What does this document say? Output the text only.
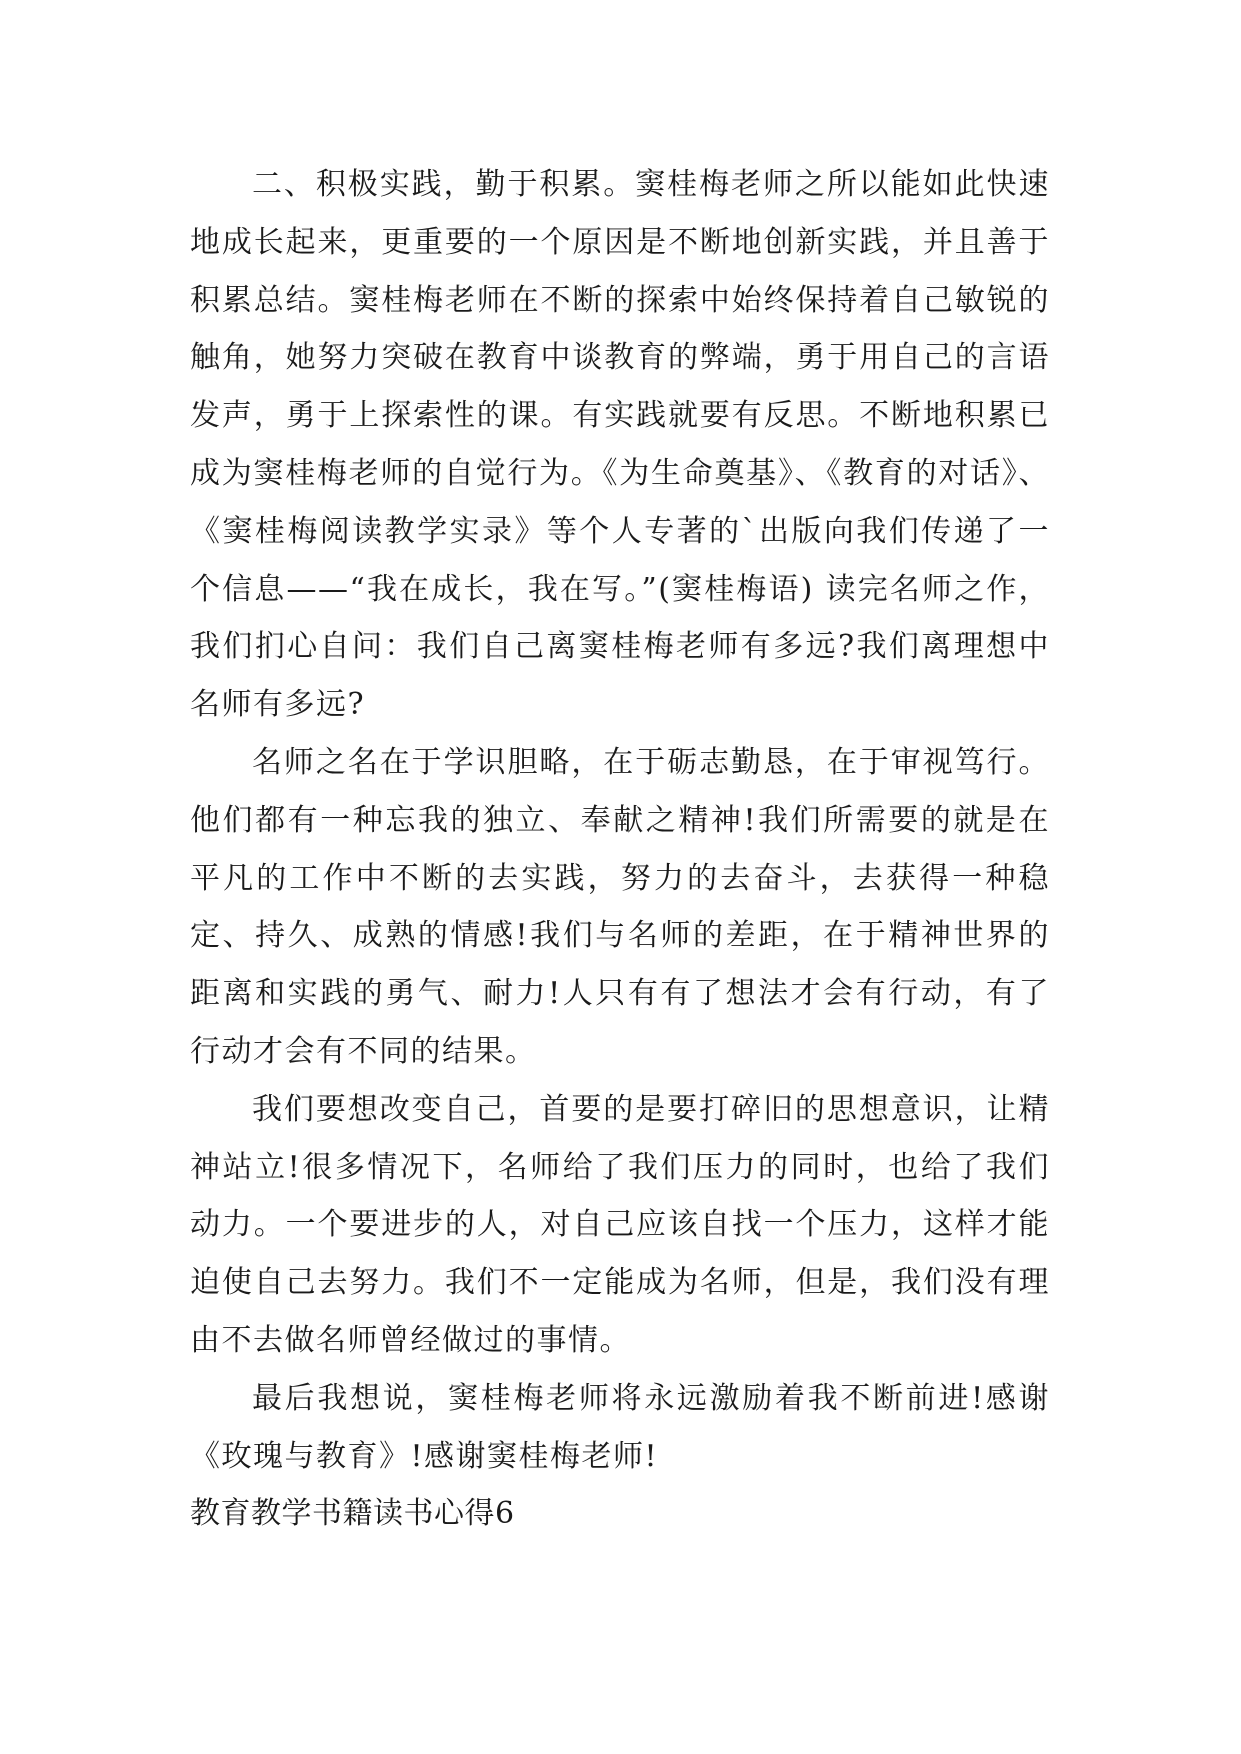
二、积极实践，勤于积累。窦桂梅老师之所以能如此快速地成长起来，更重要的一个原因是不断地创新实践，并且善于积累总结。窦桂梅老师在不断的探索中始终保持着自己敏锐的触角，她努力突破在教育中谈教育的弊端，勇于用自己的言语发声，勇于上探索性的课。有实践就要有反思。不断地积累已成为窦桂梅老师的自觉行为。《为生命奠基》、《教育的对话》、《窦桂梅阅读教学实录》等个人专著的`出版向我们传递了一个信息——“我在成长，我在写。”(窦桂梅语) 读完名师之作，我们扪心自问：我们自己离窦桂梅老师有多远?我们离理想中名师有多远?

名师之名在于学识胆略，在于砺志勤恳，在于审视笃行。他们都有一种忘我的独立、奉献之精神!我们所需要的就是在平凡的工作中不断的去实践，努力的去奋斗，去获得一种稳定、持久、成熟的情感!我们与名师的差距，在于精神世界的距离和实践的勇气、耐力!人只有有了想法才会有行动，有了行动才会有不同的结果。

我们要想改变自己，首要的是要打碎旧的思想意识，让精神站立!很多情况下，名师给了我们压力的同时，也给了我们动力。一个要进步的人，对自己应该自找一个压力，这样才能迫使自己去努力。我们不一定能成为名师，但是，我们没有理由不去做名师曾经做过的事情。

最后我想说，窦桂梅老师将永远激励着我不断前进!感谢《玫瑰与教育》!感谢窦桂梅老师!

教育教学书籍读书心得6
